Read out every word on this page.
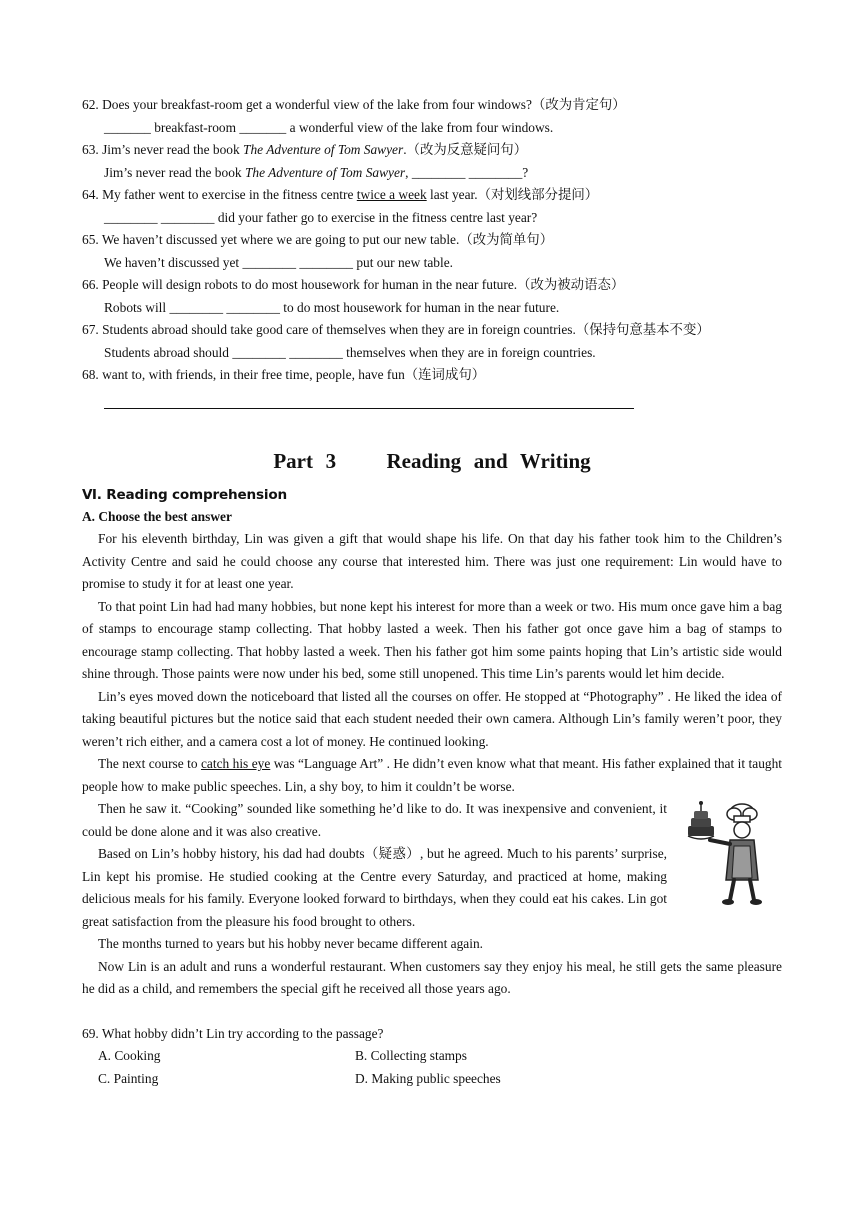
62. Does your breakfast-room get a wonderful view of the lake from four windows?（改为肯定句）
_______ breakfast-room _______ a wonderful view of the lake from four windows.
63. Jim’s never read the book The Adventure of Tom Sawyer.（改为反意疑问句）
Jim’s never read the book The Adventure of Tom Sawyer, ________ ________?
64. My father went to exercise in the fitness centre twice a week last year.（对划线部分提问）
________ ________ did your father go to exercise in the fitness centre last year?
65. We haven’t discussed yet where we are going to put our new table.（改为简单句）
We haven’t discussed yet ________ ________ put our new table.
66. People will design robots to do most housework for human in the near future.（改为被动语态）
Robots will ________ ________ to do most housework for human in the near future.
67. Students abroad should take good care of themselves when they are in foreign countries.（保持句意基本不变）
Students abroad should ________ ________ themselves when they are in foreign countries.
68. want to, with friends, in their free time, people, have fun（连词成句）
Part 3    Reading and Writing
Ⅵ. Reading comprehension
A. Choose the best answer
For his eleventh birthday, Lin was given a gift that would shape his life. On that day his father took him to the Children’s Activity Centre and said he could choose any course that interested him. There was just one requirement: Lin would have to promise to study it for at least one year.
To that point Lin had had many hobbies, but none kept his interest for more than a week or two. His mum once gave him a bag of stamps to encourage stamp collecting. That hobby lasted a week. Then his father got once gave him a bag of stamps to encourage stamp collecting. That hobby lasted a week. Then his father got him some paints hoping that Lin’s artistic side would shine through. Those paints were now under his bed, some still unopened. This time Lin’s parents would let him decide.
Lin’s eyes moved down the noticeboard that listed all the courses on offer. He stopped at “Photography” . He liked the idea of taking beautiful pictures but the notice said that each student needed their own camera. Although Lin’s family weren’t poor, they weren’t rich either, and a camera cost a lot of money. He continued looking.
The next course to catch his eye was “Language Art” . He didn’t even know what that meant. His father explained that it taught people how to make public speeches. Lin, a shy boy, to him it couldn’t be worse.
Then he saw it. “Cooking” sounded like something he’d like to do. It was inexpensive and convenient, it could be done alone and it was also creative.
Based on Lin’s hobby history, his dad had doubts（疑惑）, but he agreed. Much to his parents’ surprise, Lin kept his promise. He studied cooking at the Centre every Saturday, and practiced at home, making delicious meals for his family. Everyone looked forward to birthdays, when they could eat his cakes. Lin got great satisfaction from the pleasure his food brought to others.
The months turned to years but his hobby never became different again.
Now Lin is an adult and runs a wonderful restaurant. When customers say they enjoy his meal, he still gets the same pleasure he did as a child, and remembers the special gift he received all those years ago.
69. What hobby didn’t Lin try according to the passage?
A. Cooking	B. Collecting stamps
C. Painting	D. Making public speeches
